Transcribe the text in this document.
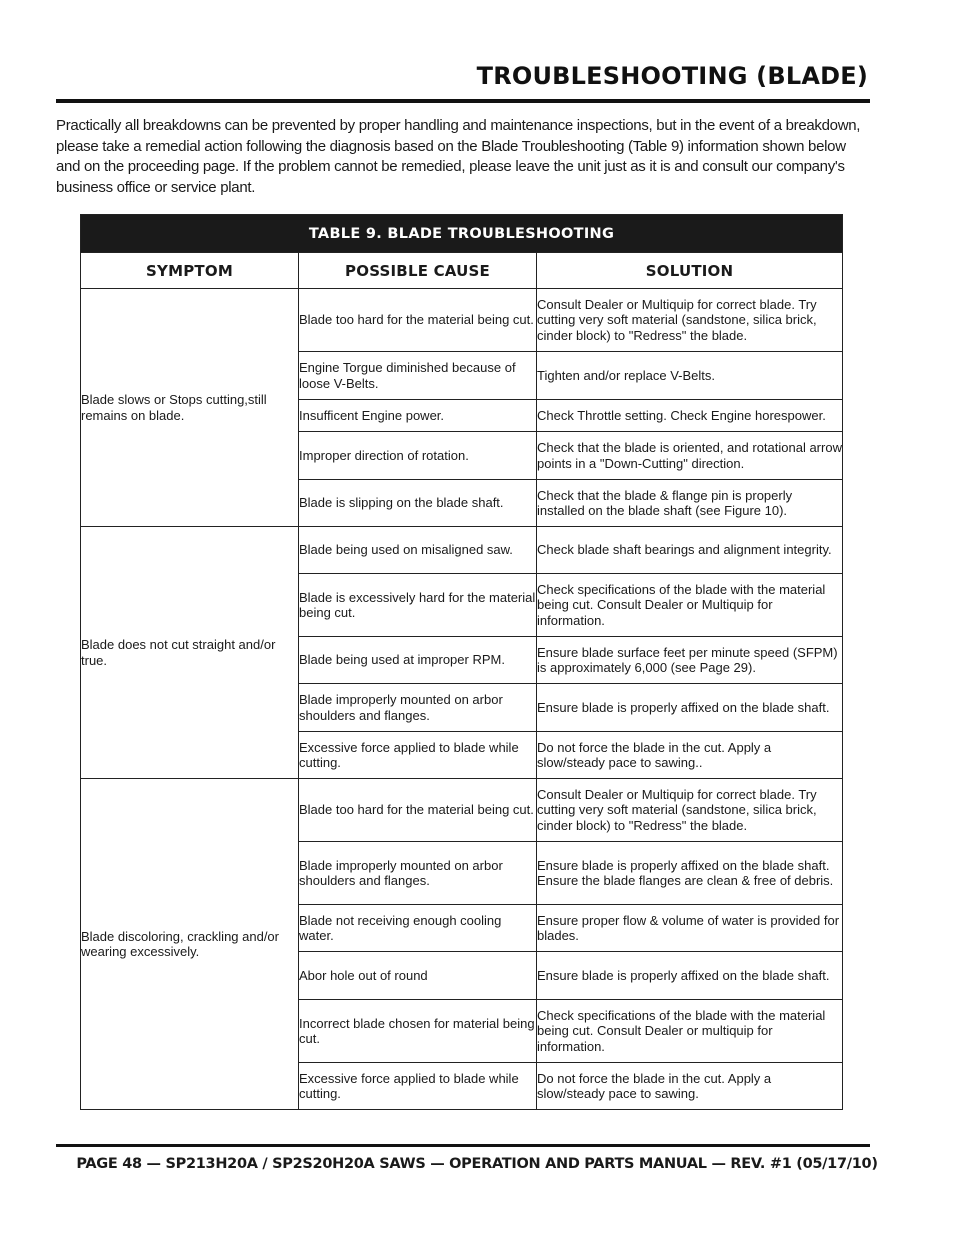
TROUBLESHOOTING (BLADE)

Practically all breakdowns can be prevented by proper handling and maintenance inspections, but in the event of a breakdown, please take a remedial action following the diagnosis based on the Blade Troubleshooting (Table 9) information shown below and on the proceeding page. If the problem cannot be remedied, please leave the unit just as it is and consult our company's business office or service plant.

TABLE 9. BLADE TROUBLESHOOTING		
SYMPTOM	POSSIBLE CAUSE	SOLUTION
Blade slows or Stops cutting,still remains on blade.	Blade too hard for the material being cut.	Consult Dealer or Multiquip for correct blade. Try cutting very soft material (sandstone, silica brick, cinder block) to "Redress" the blade.
	Engine Torgue diminished because of loose V-Belts.	Tighten and/or replace V-Belts.
	Insufficent Engine power.	Check Throttle setting. Check Engine horespower.
	Improper direction of rotation.	Check that the blade is oriented, and rotational arrow points in a "Down-Cutting" direction.
	Blade is slipping on the blade shaft.	Check that the blade & flange pin is properly installed on the blade shaft (see Figure 10).
Blade does not cut straight and/or true.	Blade being used on misaligned saw.	Check blade shaft bearings and alignment integrity.
	Blade is excessively hard for the material being cut.	Check specifications of the blade with the material being cut. Consult Dealer or Multiquip for information.
	Blade being used at improper RPM.	Ensure blade surface feet per minute speed (SFPM) is approximately 6,000 (see Page 29).
	Blade improperly mounted on arbor shoulders and flanges.	Ensure blade is properly affixed on the blade shaft.
	Excessive force applied to blade while cutting.	Do not force the blade in the cut. Apply a slow/steady pace to sawing..
Blade discoloring, crackling and/or wearing excessively.	Blade too hard for the material being cut.	Consult Dealer or Multiquip for correct blade. Try cutting very soft material (sandstone, silica brick, cinder block) to "Redress" the blade.
	Blade improperly mounted on arbor shoulders and flanges.	Ensure blade is properly affixed on the blade shaft. Ensure the blade flanges are clean & free of debris.
	Blade not receiving enough cooling water.	Ensure proper flow & volume of water is provided for blades.
	Abor hole out of round	Ensure blade is properly affixed on the blade shaft.
	Incorrect blade chosen for material being cut.	Check specifications of the blade with the material being cut. Consult Dealer or multiquip for information.
	Excessive force applied to blade while cutting.	Do not force the blade in the cut. Apply a slow/steady pace to sawing.

PAGE 48 — SP213H20A / SP2S20H20A SAWS — OPERATION AND PARTS MANUAL — REV. #1 (05/17/10)
